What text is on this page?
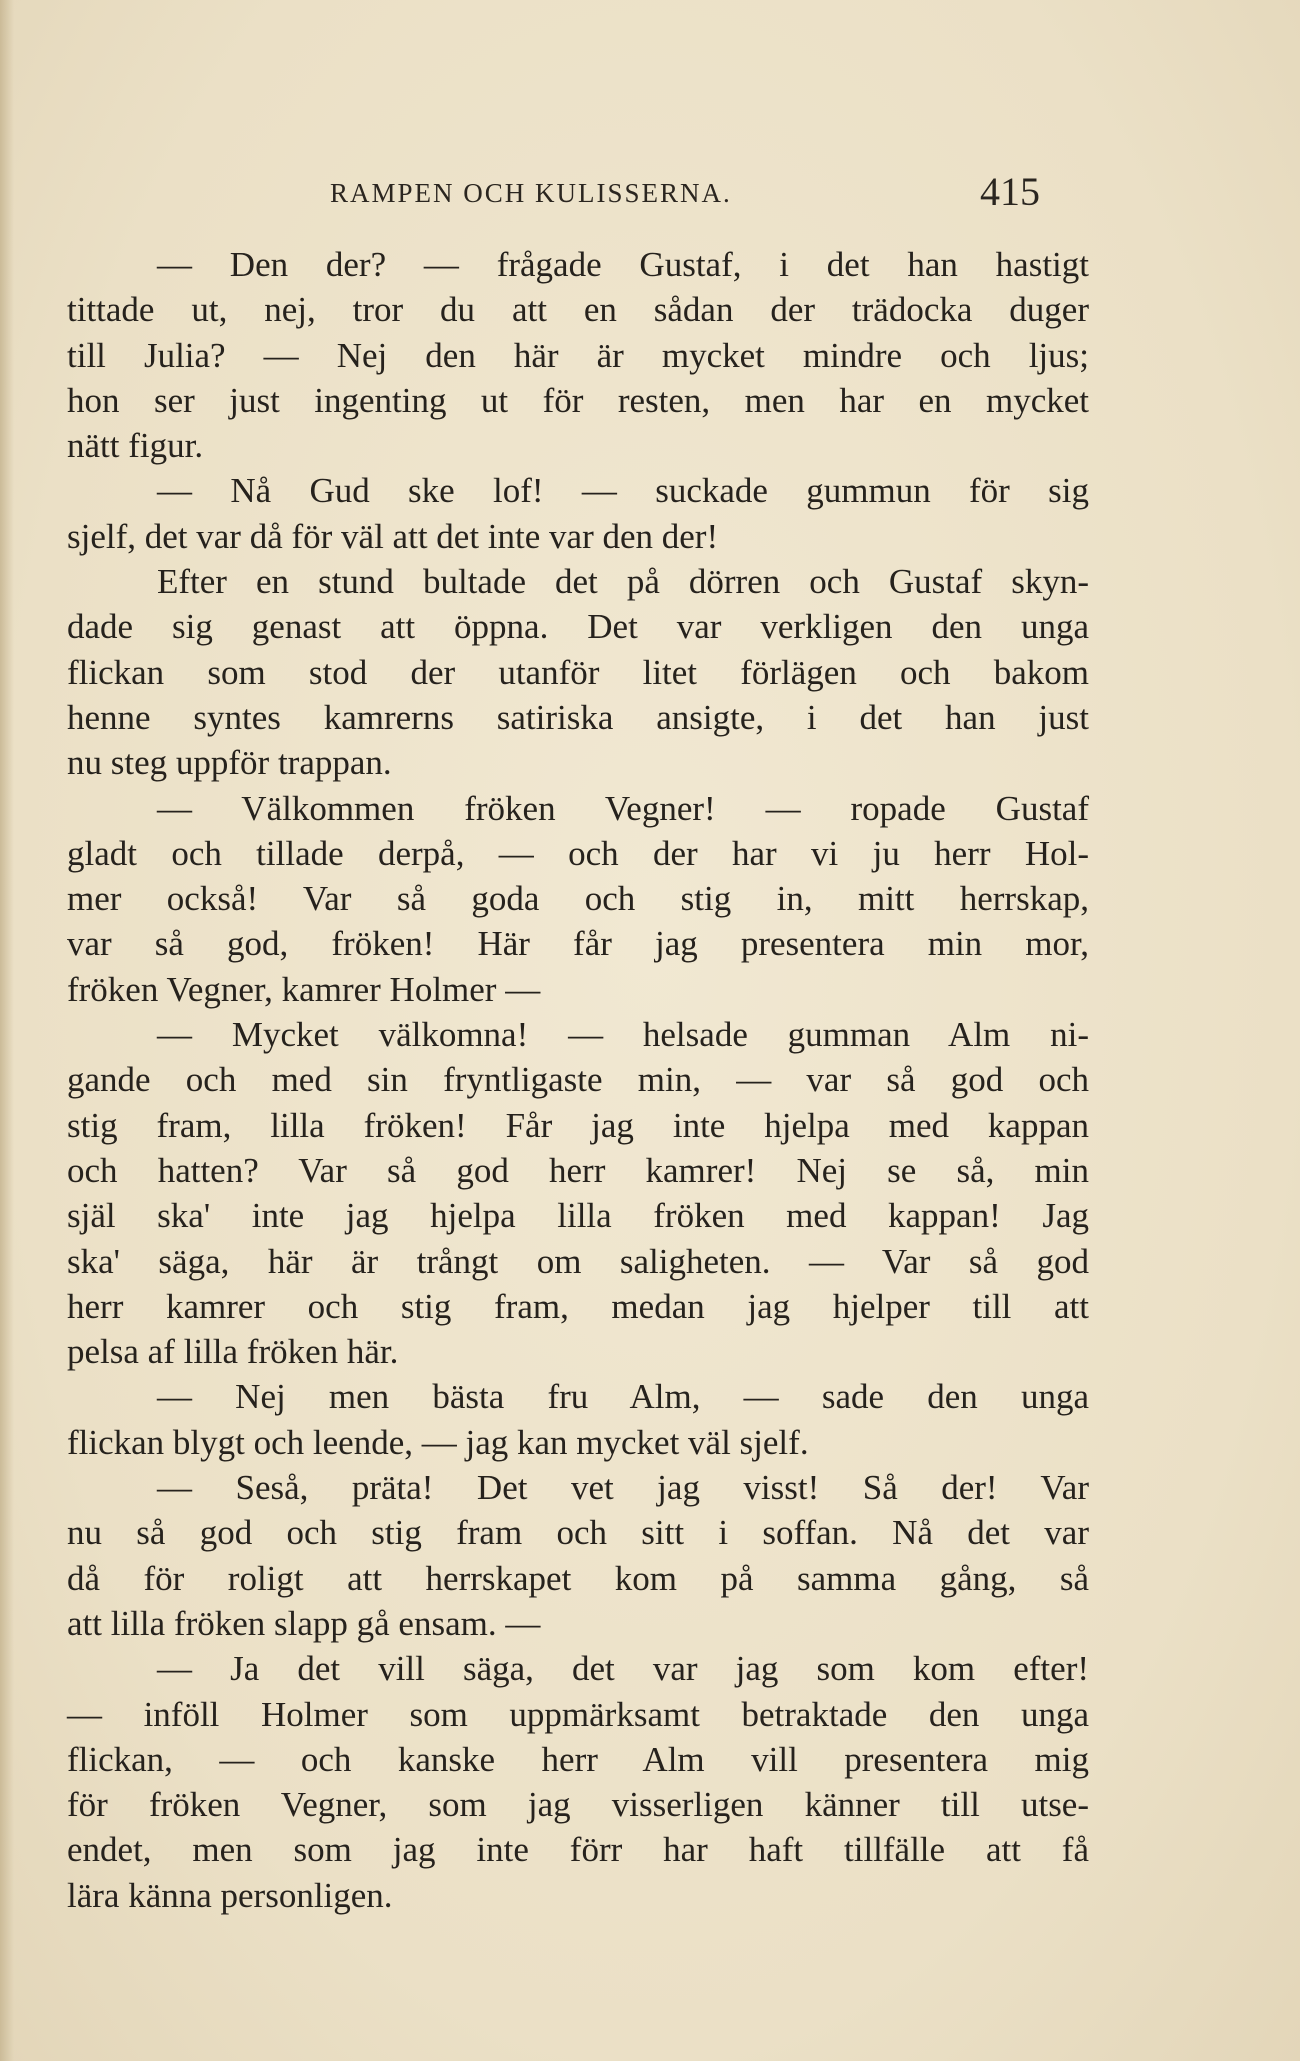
RAMPEN OCH KULISSERNA.	415
— Den der? — frågade Gustaf, i det han hastigt
tittade ut, nej, tror du att en sådan der trädocka duger
till Julia? — Nej den här är mycket mindre och ljus;
hon ser just ingenting ut för resten, men har en mycket
nätt figur.
— Nå Gud ske lof! — suckade gummun för sig
sjelf, det var då för väl att det inte var den der!
Efter en stund bultade det på dörren och Gustaf skyn-
dade sig genast att öppna. Det var verkligen den unga
flickan som stod der utanför litet förlägen och bakom
henne syntes kamrerns satiriska ansigte, i det han just
nu steg uppför trappan.
— Välkommen fröken Vegner! — ropade Gustaf
gladt och tillade derpå, — och der har vi ju herr Hol-
mer också! Var så goda och stig in, mitt herrskap,
var så god, fröken! Här får jag presentera min mor,
fröken Vegner, kamrer Holmer —
— Mycket välkomna! — helsade gumman Alm ni-
gande och med sin fryntligaste min, — var så god och
stig fram, lilla fröken! Får jag inte hjelpa med kappan
och hatten? Var så god herr kamrer! Nej se så, min
själ ska' inte jag hjelpa lilla fröken med kappan! Jag
ska' säga, här är trångt om saligheten. — Var så god
herr kamrer och stig fram, medan jag hjelper till att
pelsa af lilla fröken här.
— Nej men bästa fru Alm, — sade den unga
flickan blygt och leende, — jag kan mycket väl sjelf.
— Seså, präta! Det vet jag visst! Så der! Var
nu så god och stig fram och sitt i soffan. Nå det var
då för roligt att herrskapet kom på samma gång, så
att lilla fröken slapp gå ensam. —
— Ja det vill säga, det var jag som kom efter!
— inföll Holmer som uppmärksamt betraktade den unga
flickan, — och kanske herr Alm vill presentera mig
för fröken Vegner, som jag visserligen känner till utse-
endet, men som jag inte förr har haft tillfälle att få
lära känna personligen.
